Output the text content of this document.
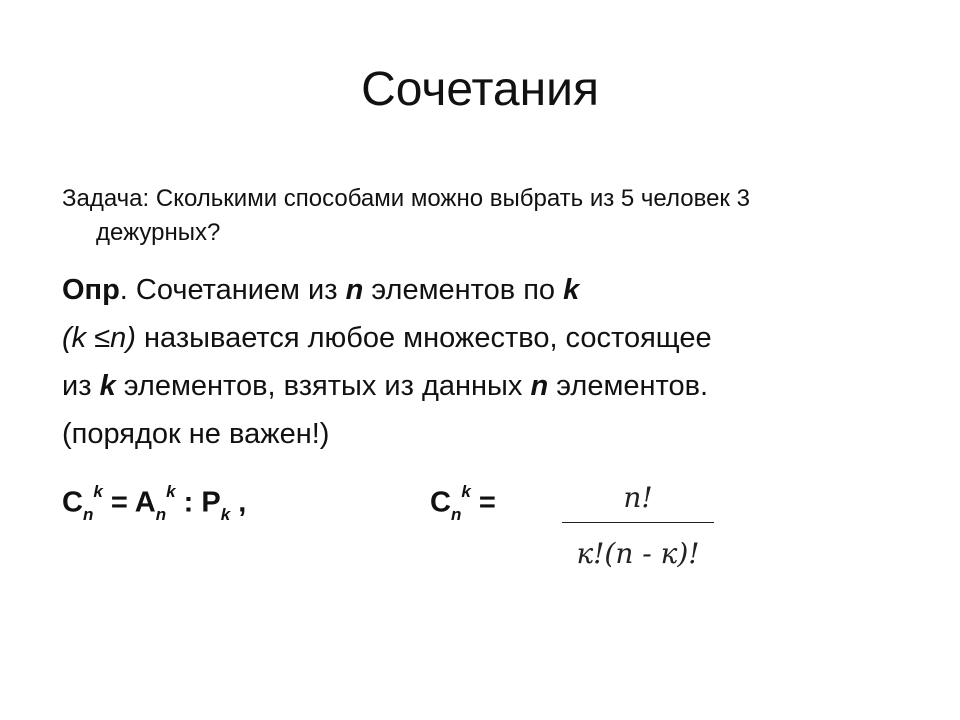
Сочетания
Задача: Сколькими способами можно выбрать из 5 человек 3
дежурных?
Опр. Сочетанием из n элементов по k
(k ≤n) называется любое множество, состоящее
из k элементов, взятых из данных n элементов.
(порядок не важен!)
$C_n^k = A_n^k$ : $P_k$ ,	$C_n^k$ =	n!
к!(n - к)!
